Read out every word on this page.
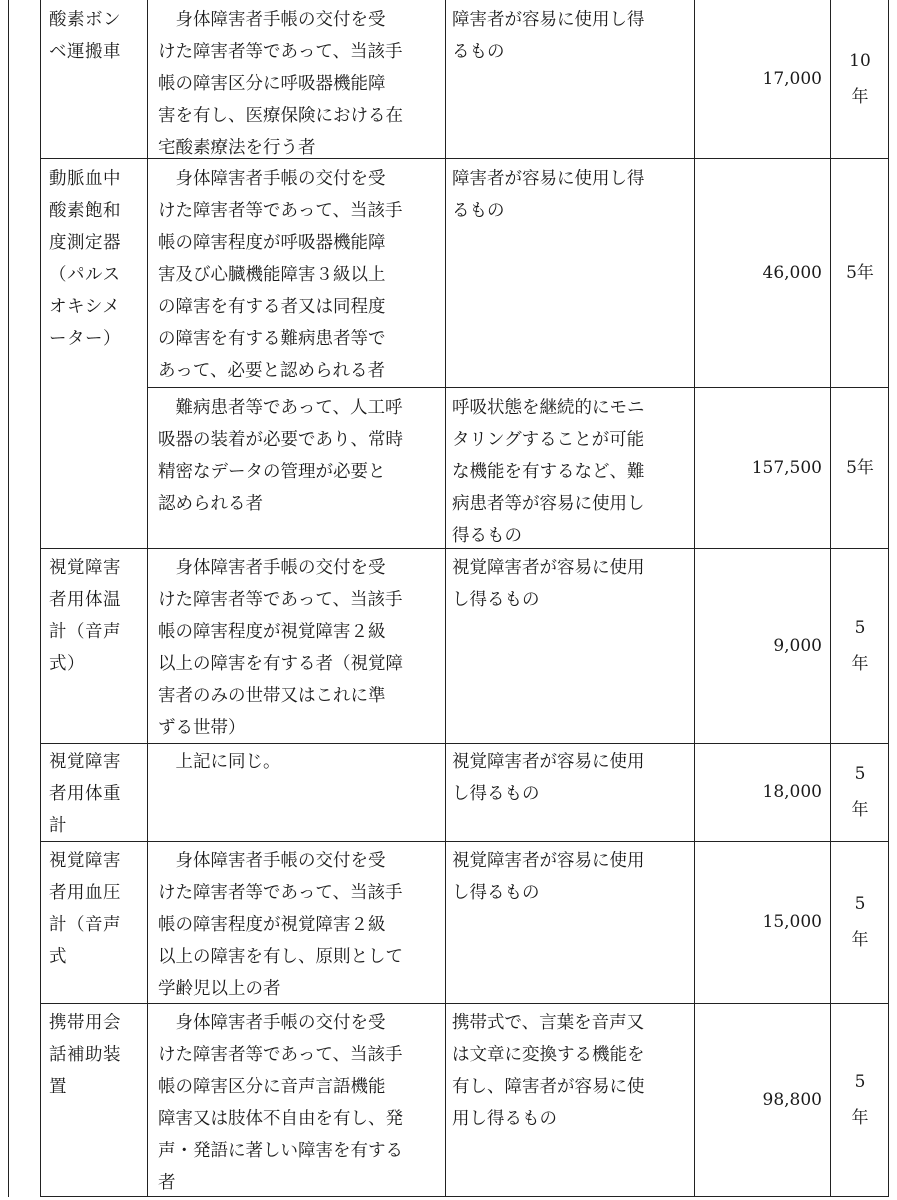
酸素ボン
ベ運搬車
身体障害者手帳の交付を受
けた障害者等であって、当該手
帳の障害区分に呼吸器機能障
害を有し、医療保険における在
宅酸素療法を行う者
障害者が容易に使用し得
るもの
17,000
10
年
動脈血中
酸素飽和
度測定器
（パルス
オキシメ
ーター）
身体障害者手帳の交付を受
けた障害者等であって、当該手
帳の障害程度が呼吸器機能障
害及び心臓機能障害３級以上
の障害を有する者又は同程度
の障害を有する難病患者等で
あって、必要と認められる者
障害者が容易に使用し得
るもの
46,000 5年
難病患者等であって、人工呼
吸器の装着が必要であり、常時
精密なデータの管理が必要と
認められる者
呼吸状態を継続的にモニ
タリングすることが可能
な機能を有するなど、難
病患者等が容易に使用し
得るもの
157,500 5年
視覚障害
者用体温
計（音声
式）
身体障害者手帳の交付を受
けた障害者等であって、当該手
帳の障害程度が視覚障害２級
以上の障害を有する者（視覚障
害者のみの世帯又はこれに準
ずる世帯）
視覚障害者が容易に使用
し得るもの
9,000
5
年
視覚障害
者用体重
計
上記に同じ。	視覚障害者が容易に使用
し得るもの	18,000
5
年
視覚障害
者用血圧
計（音声
式
身体障害者手帳の交付を受
けた障害者等であって、当該手
帳の障害程度が視覚障害２級
以上の障害を有し、原則として
学齢児以上の者
視覚障害者が容易に使用
し得るもの
15,000
5
年
携帯用会
話補助装
置
身体障害者手帳の交付を受
けた障害者等であって、当該手
帳の障害区分に音声言語機能
障害又は肢体不自由を有し、発
声・発語に著しい障害を有する
者
携帯式で、言葉を音声又
は文章に変換する機能を
有し、障害者が容易に使
用し得るもの
98,800
5
年
